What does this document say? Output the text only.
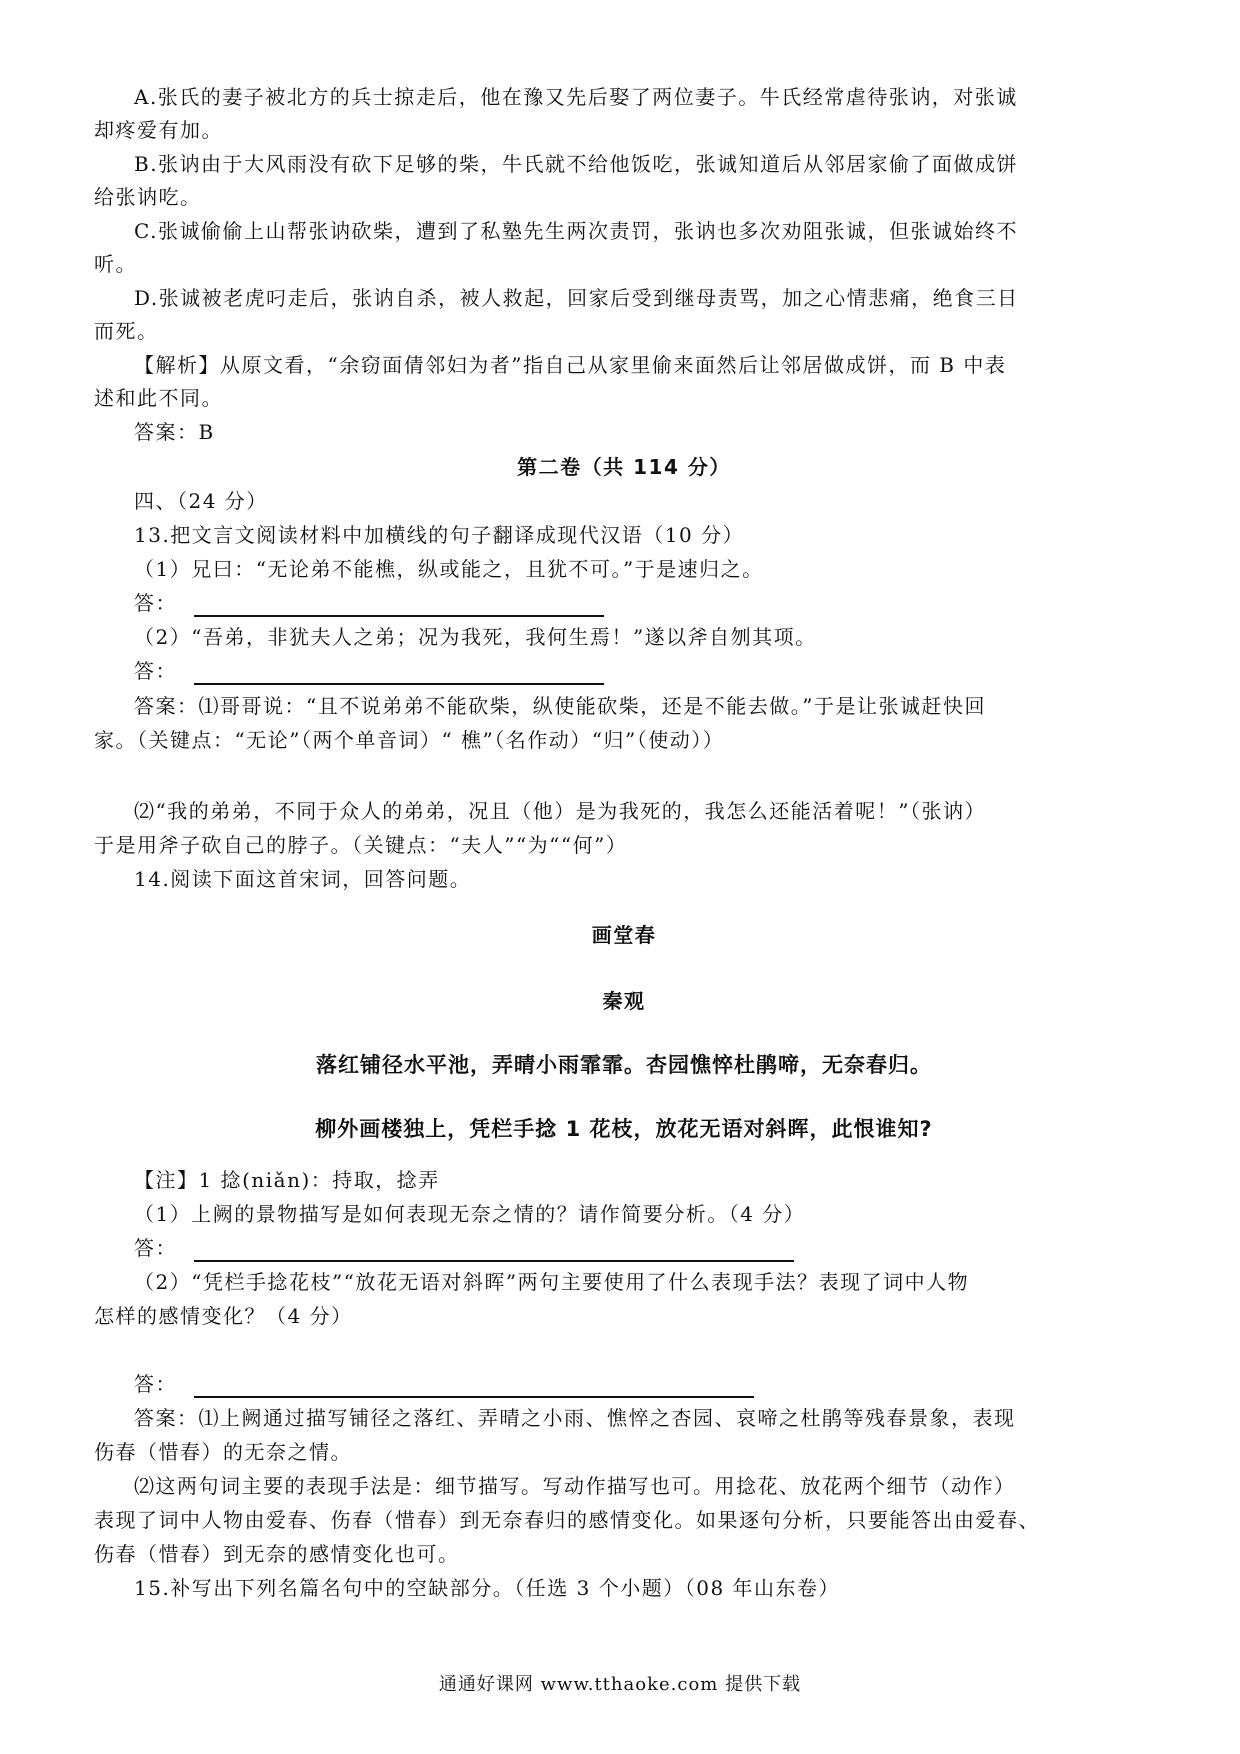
A.张氏的妻子被北方的兵士掠走后，他在豫又先后娶了两位妻子。牛氏经常虐待张讷，对张诚
却疼爱有加。
B.张讷由于大风雨没有砍下足够的柴，牛氏就不给他饭吃，张诚知道后从邻居家偷了面做成饼
给张讷吃。
C.张诚偷偷上山帮张讷砍柴，遭到了私塾先生两次责罚，张讷也多次劝阻张诚，但张诚始终不
听。
D.张诚被老虎叼走后，张讷自杀，被人救起，回家后受到继母责骂，加之心情悲痛，绝食三日
而死。
【解析】从原文看，“余窃面倩邻妇为者”指自己从家里偷来面然后让邻居做成饼，而 B 中表
述和此不同。
答案：B
第二卷（共 114 分）
四、（24 分）
13.把文言文阅读材料中加横线的句子翻译成现代汉语（10 分）
（1）兄曰：“无论弟不能樵，纵或能之，且犹不可。”于是速归之。
答：
（2）“吾弟，非犹夫人之弟；况为我死，我何生焉！”遂以斧自刎其项。
答：
答案：⑴哥哥说：“且不说弟弟不能砍柴，纵使能砍柴，还是不能去做。”于是让张诚赶快回
家。（关键点：“无论”（两个单音词）“ 樵”（名作动）“归”（使动））
⑵“我的弟弟，不同于众人的弟弟，况且（他）是为我死的，我怎么还能活着呢！”（张讷）
于是用斧子砍自己的脖子。（关键点：“夫人”“为““何”）
14.阅读下面这首宋词，回答问题。
画堂春
秦观
落红铺径水平池，弄晴小雨霏霏。杏园憔悴杜鹃啼，无奈春归。
柳外画楼独上，凭栏手捻 1 花枝，放花无语对斜晖，此恨谁知?
【注】1 捻(niǎn)：持取，捻弄
（1）上阙的景物描写是如何表现无奈之情的？请作简要分析。（4 分）
答：
（2）“凭栏手捻花枝”“放花无语对斜晖”两句主要使用了什么表现手法？表现了词中人物
怎样的感情变化？（4 分）
答：
答案：⑴上阙通过描写铺径之落红、弄晴之小雨、憔悴之杏园、哀啼之杜鹃等残春景象，表现
伤春（惜春）的无奈之情。
⑵这两句词主要的表现手法是：细节描写。写动作描写也可。用捻花、放花两个细节（动作）
表现了词中人物由爱春、伤春（惜春）到无奈春归的感情变化。如果逐句分析，只要能答出由爱春、
伤春（惜春）到无奈的感情变化也可。
15.补写出下列名篇名句中的空缺部分。（任选 3 个小题）（08 年山东卷）
通通好课网 www.tthaoke.com 提供下载
